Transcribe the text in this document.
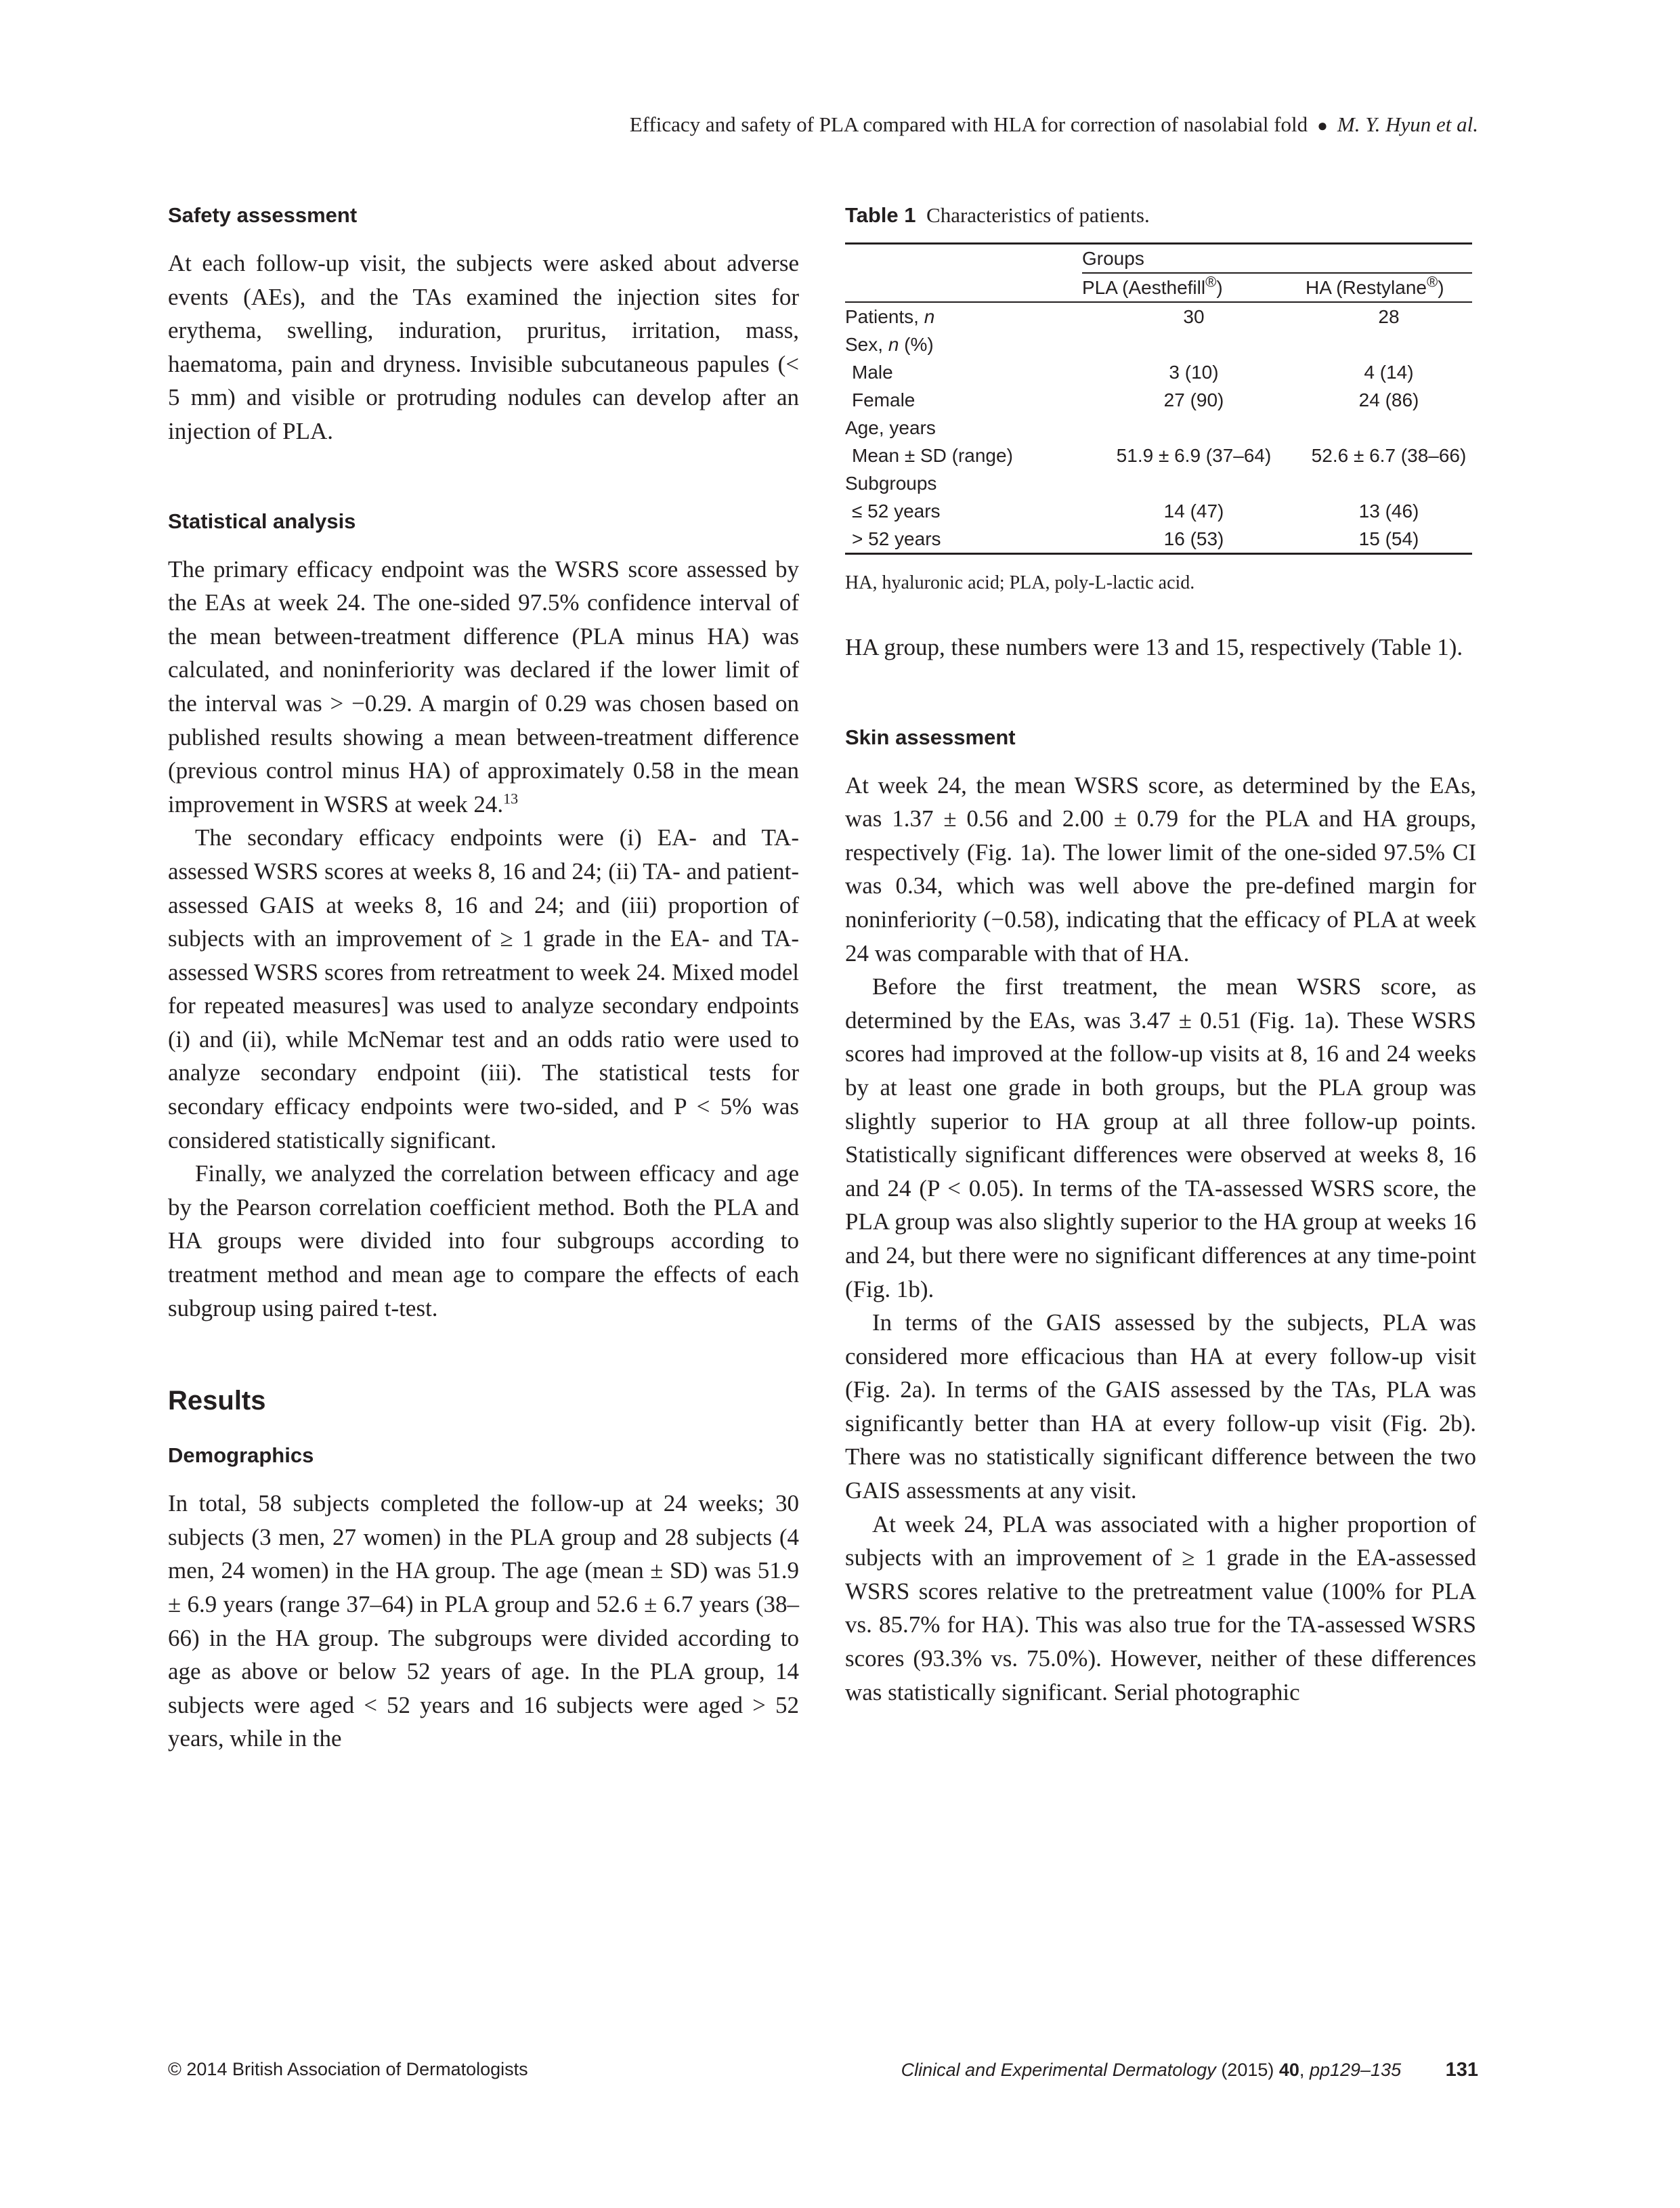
Efficacy and safety of PLA compared with HLA for correction of nasolabial fold ● M. Y. Hyun et al.
Safety assessment

At each follow-up visit, the subjects were asked about adverse events (AEs), and the TAs examined the injection sites for erythema, swelling, induration, pruritus, irritation, mass, haematoma, pain and dryness. Invisible subcutaneous papules (< 5 mm) and visible or protruding nodules can develop after an injection of PLA.

Statistical analysis

The primary efficacy endpoint was the WSRS score assessed by the EAs at week 24. The one-sided 97.5% confidence interval of the mean between-treatment difference (PLA minus HA) was calculated, and noninferiority was declared if the lower limit of the interval was > −0.29. A margin of 0.29 was chosen based on published results showing a mean between-treatment difference (previous control minus HA) of approximately 0.58 in the mean improvement in WSRS at week 24.13

The secondary efficacy endpoints were (i) EA- and TA-assessed WSRS scores at weeks 8, 16 and 24; (ii) TA- and patient-assessed GAIS at weeks 8, 16 and 24; and (iii) proportion of subjects with an improvement of ≥ 1 grade in the EA- and TA-assessed WSRS scores from retreatment to week 24. Mixed model for repeated measures] was used to analyze secondary endpoints (i) and (ii), while McNemar test and an odds ratio were used to analyze secondary endpoint (iii). The statistical tests for secondary efficacy endpoints were two-sided, and P < 5% was considered statistically significant.

Finally, we analyzed the correlation between efficacy and age by the Pearson correlation coefficient method. Both the PLA and HA groups were divided into four subgroups according to treatment method and mean age to compare the effects of each subgroup using paired t-test.

Results
Demographics

In total, 58 subjects completed the follow-up at 24 weeks; 30 subjects (3 men, 27 women) in the PLA group and 28 subjects (4 men, 24 women) in the HA group. The age (mean ± SD) was 51.9 ± 6.9 years (range 37–64) in PLA group and 52.6 ± 6.7 years (38–66) in the HA group. The subgroups were divided according to age as above or below 52 years of age. In the PLA group, 14 subjects were aged < 52 years and 16 subjects were aged > 52 years, while in the

Table 1 Characteristics of patients.
	Groups	
	PLA (Aesthefill®)	HA (Restylane®)
Patients, n	30	28
Sex, n (%)		
Male	3 (10)	4 (14)
Female	27 (90)	24 (86)
Age, years		
Mean ± SD (range)	51.9 ± 6.9 (37–64)	52.6 ± 6.7 (38–66)
Subgroups		
≤ 52 years	14 (47)	13 (46)
> 52 years	16 (53)	15 (54)
HA, hyaluronic acid; PLA, poly-L-lactic acid.

HA group, these numbers were 13 and 15, respectively (Table 1).

Skin assessment

At week 24, the mean WSRS score, as determined by the EAs, was 1.37 ± 0.56 and 2.00 ± 0.79 for the PLA and HA groups, respectively (Fig. 1a). The lower limit of the one-sided 97.5% CI was 0.34, which was well above the pre-defined margin for noninferiority (−0.58), indicating that the efficacy of PLA at week 24 was comparable with that of HA.

Before the first treatment, the mean WSRS score, as determined by the EAs, was 3.47 ± 0.51 (Fig. 1a). These WSRS scores had improved at the follow-up visits at 8, 16 and 24 weeks by at least one grade in both groups, but the PLA group was slightly superior to HA group at all three follow-up points. Statistically significant differences were observed at weeks 8, 16 and 24 (P < 0.05). In terms of the TA-assessed WSRS score, the PLA group was also slightly superior to the HA group at weeks 16 and 24, but there were no significant differences at any time-point (Fig. 1b).

In terms of the GAIS assessed by the subjects, PLA was considered more efficacious than HA at every follow-up visit (Fig. 2a). In terms of the GAIS assessed by the TAs, PLA was significantly better than HA at every follow-up visit (Fig. 2b). There was no statistically significant difference between the two GAIS assessments at any visit.

At week 24, PLA was associated with a higher proportion of subjects with an improvement of ≥ 1 grade in the EA-assessed WSRS scores relative to the pretreatment value (100% for PLA vs. 85.7% for HA). This was also true for the TA-assessed WSRS scores (93.3% vs. 75.0%). However, neither of these differences was statistically significant. Serial photographic

© 2014 British Association of Dermatologists	Clinical and Experimental Dermatology (2015) 40, pp129–135 131
